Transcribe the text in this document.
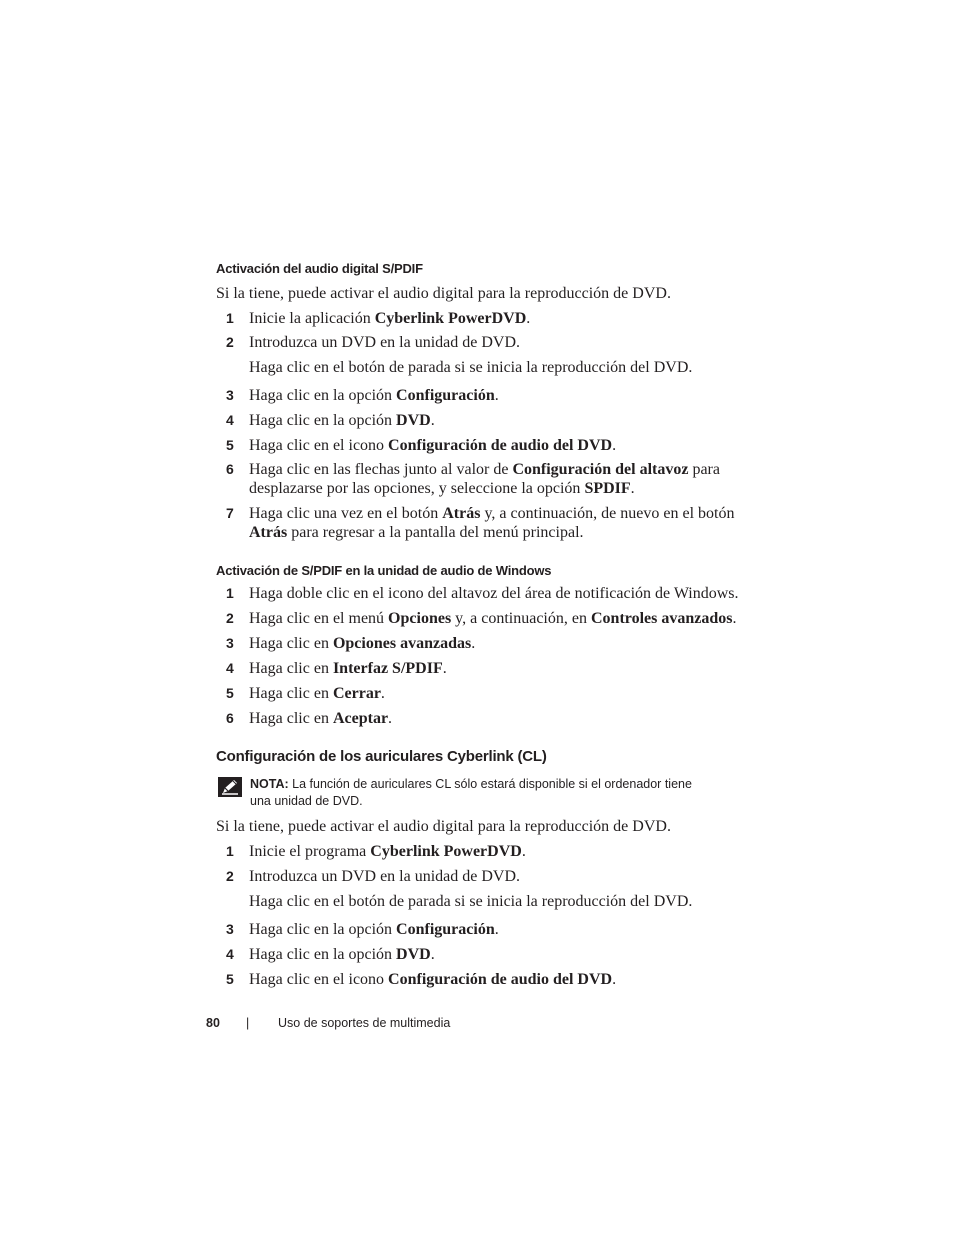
Activación del audio digital S/PDIF
Si la tiene, puede activar el audio digital para la reproducción de DVD.
1 Inicie la aplicación Cyberlink PowerDVD.
2 Introduzca un DVD en la unidad de DVD.
Haga clic en el botón de parada si se inicia la reproducción del DVD.
3 Haga clic en la opción Configuración.
4 Haga clic en la opción DVD.
5 Haga clic en el icono Configuración de audio del DVD.
6 Haga clic en las flechas junto al valor de Configuración del altavoz para
desplazarse por las opciones, y seleccione la opción SPDIF.
7 Haga clic una vez en el botón Atrás y, a continuación, de nuevo en el botón
Atrás para regresar a la pantalla del menú principal.
Activación de S/PDIF en la unidad de audio de Windows
1 Haga doble clic en el icono del altavoz del área de notificación de Windows.
2 Haga clic en el menú Opciones y, a continuación, en Controles avanzados.
3 Haga clic en Opciones avanzadas.
4 Haga clic en Interfaz S/PDIF.
5 Haga clic en Cerrar.
6 Haga clic en Aceptar.
Configuración de los auriculares Cyberlink (CL)
NOTA: La función de auriculares CL sólo estará disponible si el ordenador tiene
una unidad de DVD.
Si la tiene, puede activar el audio digital para la reproducción de DVD.
1 Inicie el programa Cyberlink PowerDVD.
2 Introduzca un DVD en la unidad de DVD.
Haga clic en el botón de parada si se inicia la reproducción del DVD.
3 Haga clic en la opción Configuración.
4 Haga clic en la opción DVD.
5 Haga clic en el icono Configuración de audio del DVD.
80 | Uso de soportes de multimedia
